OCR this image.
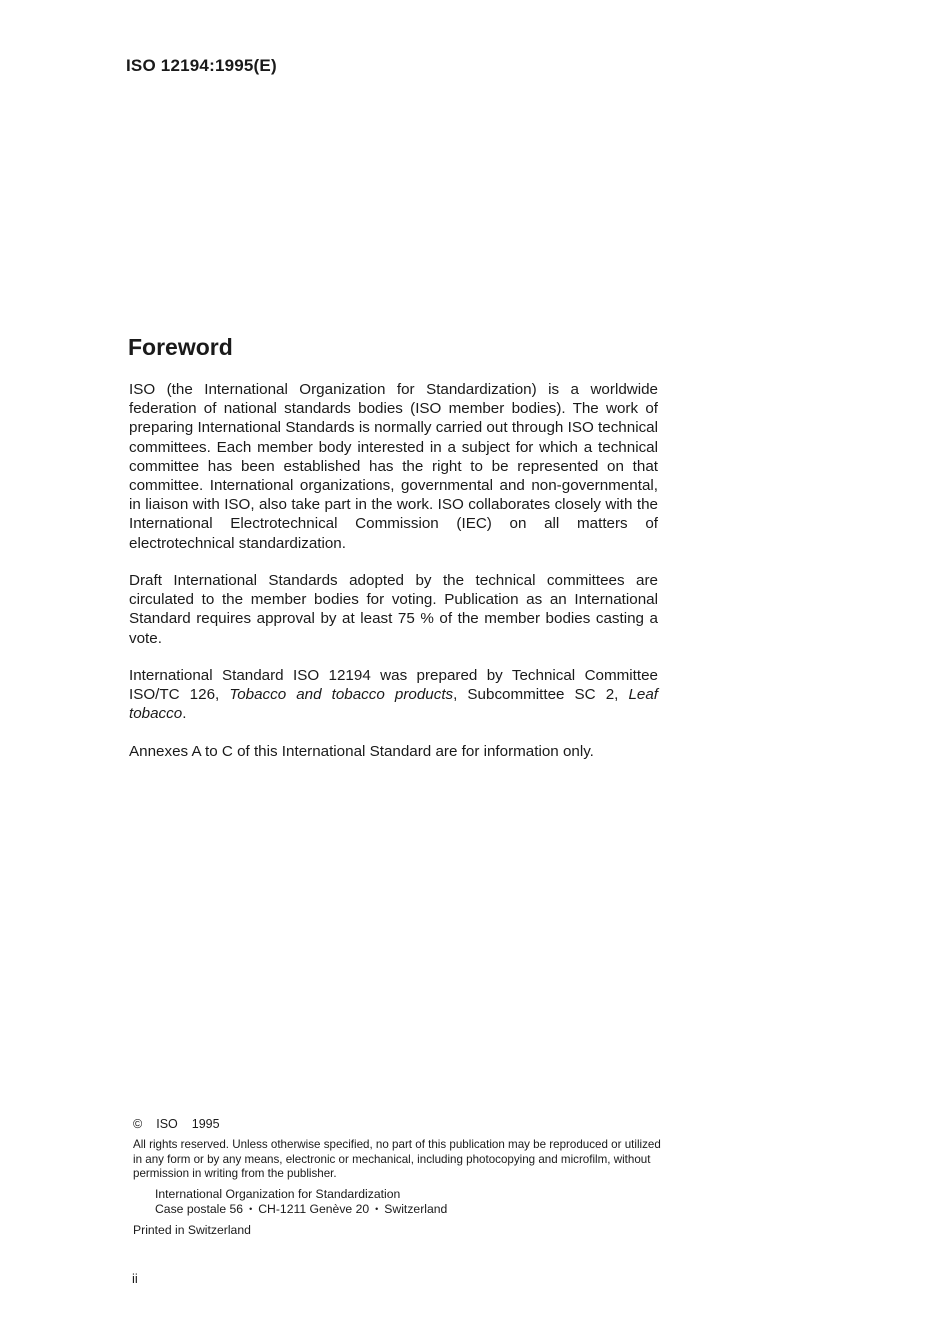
ISO 12194:1995(E)

Foreword

ISO (the International Organization for Standardization) is a worldwide federation of national standards bodies (ISO member bodies). The work of preparing International Standards is normally carried out through ISO technical committees. Each member body interested in a subject for which a technical committee has been established has the right to be represented on that committee. International organizations, governmental and non-governmental, in liaison with ISO, also take part in the work. ISO collaborates closely with the International Electrotechnical Commission (IEC) on all matters of electrotechnical standardization.

Draft International Standards adopted by the technical committees are circulated to the member bodies for voting. Publication as an International Standard requires approval by at least 75 % of the member bodies casting a vote.

International Standard ISO 12194 was prepared by Technical Committee ISO/TC 126, Tobacco and tobacco products, Subcommittee SC 2, Leaf tobacco.

Annexes A to C of this International Standard are for information only.

© ISO 1995

All rights reserved. Unless otherwise specified, no part of this publication may be reproduced or utilized in any form or by any means, electronic or mechanical, including photocopying and microfilm, without permission in writing from the publisher.

International Organization for Standardization
Case postale 56 • CH-1211 Genève 20 • Switzerland

Printed in Switzerland

ii
